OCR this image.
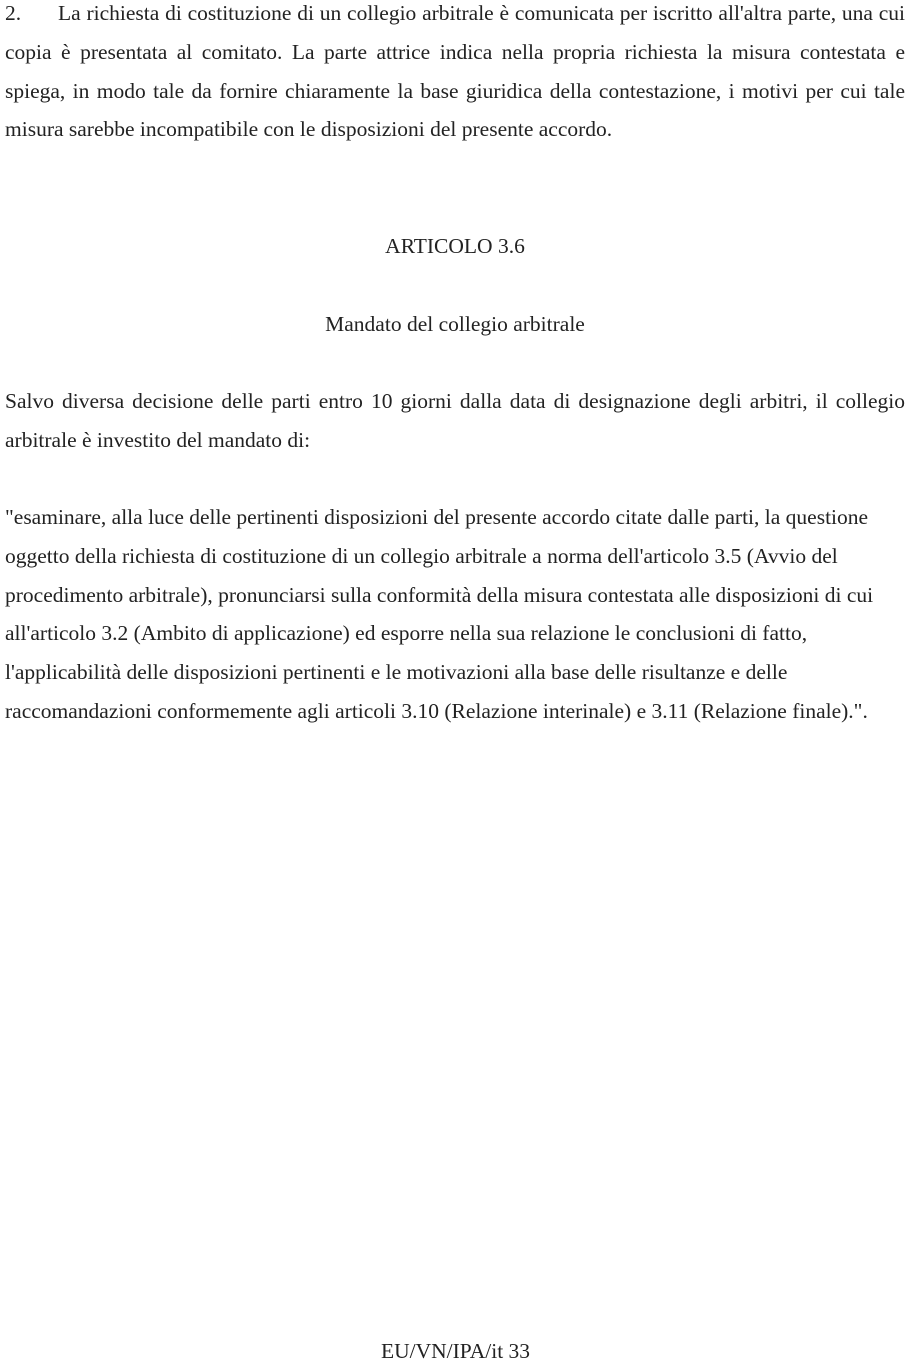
2. La richiesta di costituzione di un collegio arbitrale è comunicata per iscritto all'altra parte, una cui copia è presentata al comitato. La parte attrice indica nella propria richiesta la misura contestata e spiega, in modo tale da fornire chiaramente la base giuridica della contestazione, i motivi per cui tale misura sarebbe incompatibile con le disposizioni del presente accordo.

ARTICOLO 3.6
Mandato del collegio arbitrale

Salvo diversa decisione delle parti entro 10 giorni dalla data di designazione degli arbitri, il collegio arbitrale è investito del mandato di:

"esaminare, alla luce delle pertinenti disposizioni del presente accordo citate dalle parti, la questione oggetto della richiesta di costituzione di un collegio arbitrale a norma dell'articolo 3.5 (Avvio del procedimento arbitrale), pronunciarsi sulla conformità della misura contestata alle disposizioni di cui all'articolo 3.2 (Ambito di applicazione) ed esporre nella sua relazione le conclusioni di fatto, l'applicabilità delle disposizioni pertinenti e le motivazioni alla base delle risultanze e delle raccomandazioni conformemente agli articoli 3.10 (Relazione interinale) e 3.11 (Relazione finale).".

EU/VN/IPA/it 33
